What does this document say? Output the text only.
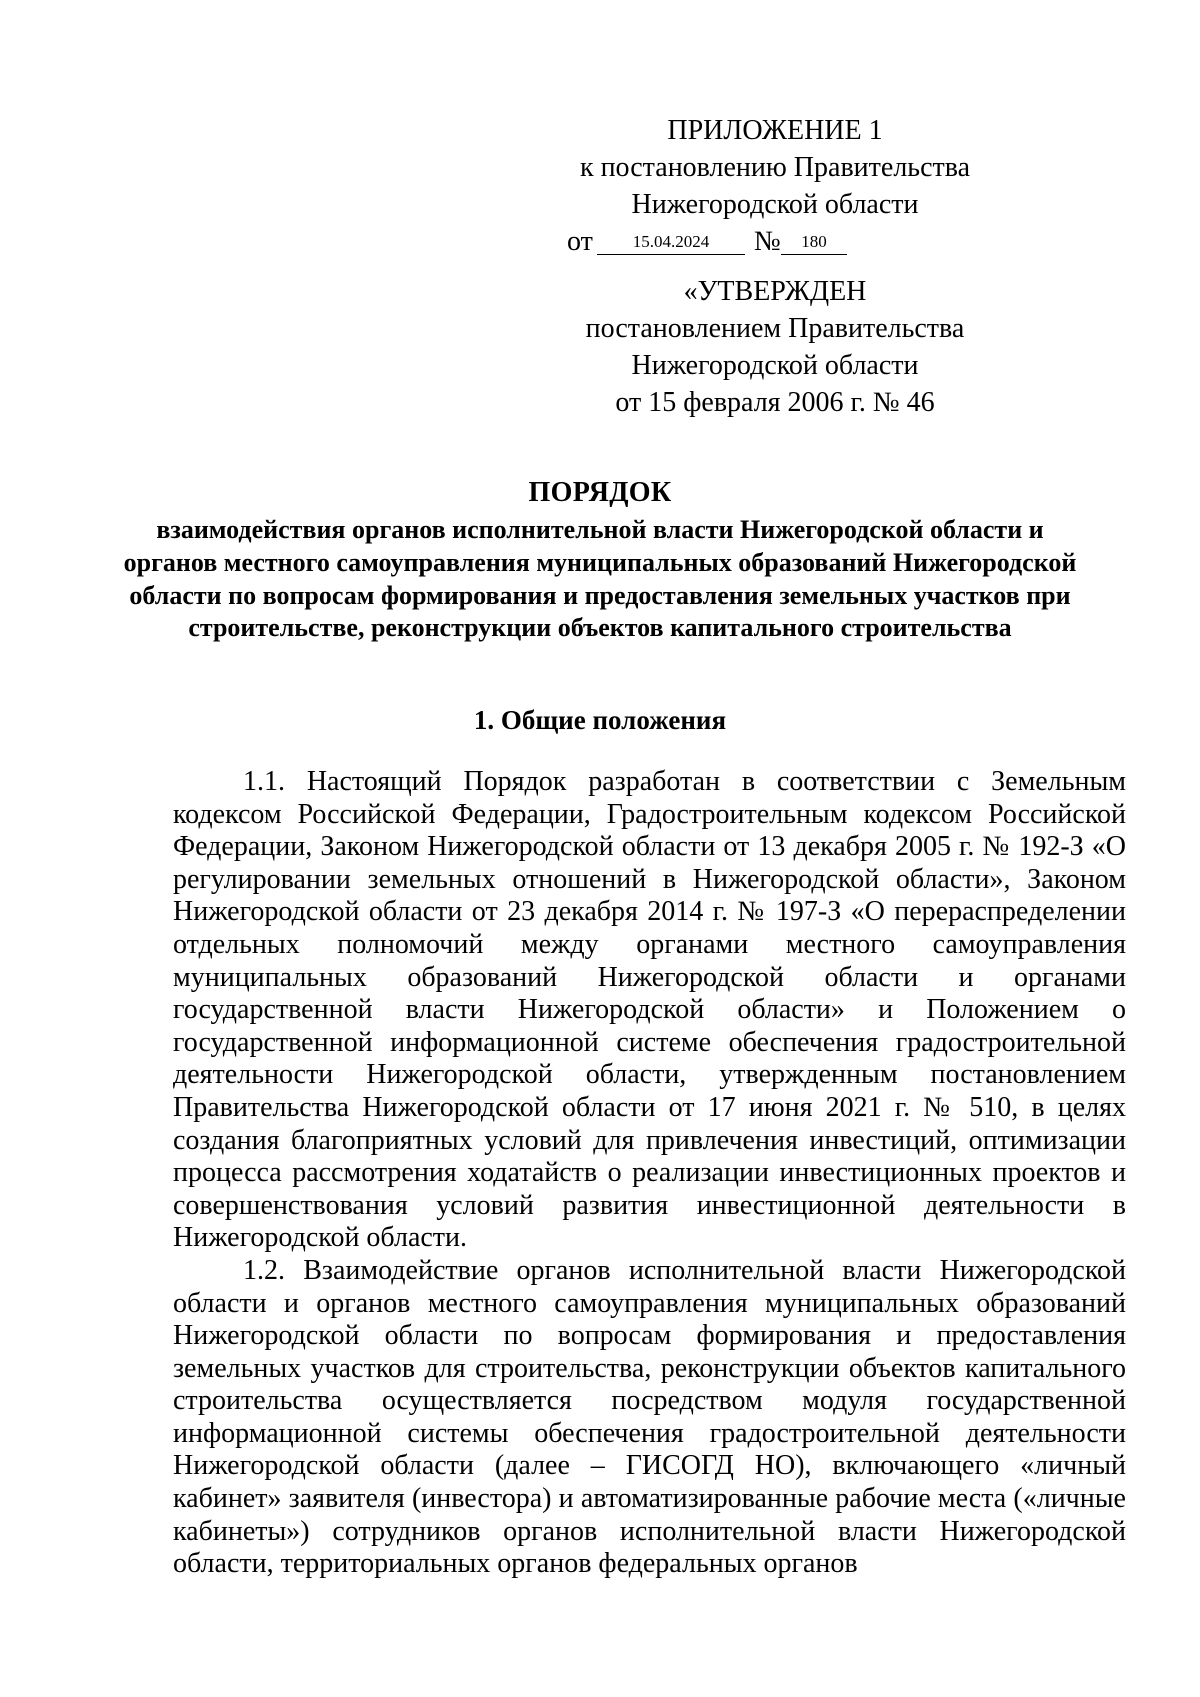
ПРИЛОЖЕНИЕ 1
к постановлению Правительства
Нижегородской области
от	15.04.2024	№	180
«УТВЕРЖДЕН
постановлением Правительства
Нижегородской области
от 15 февраля 2006 г. № 46
ПОРЯДОК
взаимодействия органов исполнительной власти Нижегородской области и органов местного самоуправления муниципальных образований Нижегородской области по вопросам формирования и предоставления земельных участков при строительстве, реконструкции объектов капитального строительства
1. Общие положения

1.1. Настоящий Порядок разработан в соответствии с Земельным кодексом Российской Федерации, Градостроительным кодексом Российской Федерации, Законом Нижегородской области от 13 декабря 2005 г. № 192-З «О регулировании земельных отношений в Нижегородской области», Законом Нижегородской области от 23 декабря 2014 г. № 197-З «О перераспределении отдельных полномочий между органами местного самоуправления муниципальных образований Нижегородской области и органами государственной власти Нижегородской области» и Положением о государственной информационной системе обеспечения градостроительной деятельности Нижегородской области, утвержденным постановлением Правительства Нижегородской области от 17 июня 2021 г. № 510, в целях создания благоприятных условий для привлечения инвестиций, оптимизации процесса рассмотрения ходатайств о реализации инвестиционных проектов и совершенствования условий развития инвестиционной деятельности в Нижегородской области.

1.2. Взаимодействие органов исполнительной власти Нижегородской области и органов местного самоуправления муниципальных образований Нижегородской области по вопросам формирования и предоставления земельных участков для строительства, реконструкции объектов капитального строительства осуществляется посредством модуля государственной информационной системы обеспечения градостроительной деятельности Нижегородской области (далее – ГИСОГД НО), включающего «личный кабинет» заявителя (инвестора) и автоматизированные рабочие места («личные кабинеты») сотрудников органов исполнительной власти Нижегородской области, территориальных органов федеральных органов
